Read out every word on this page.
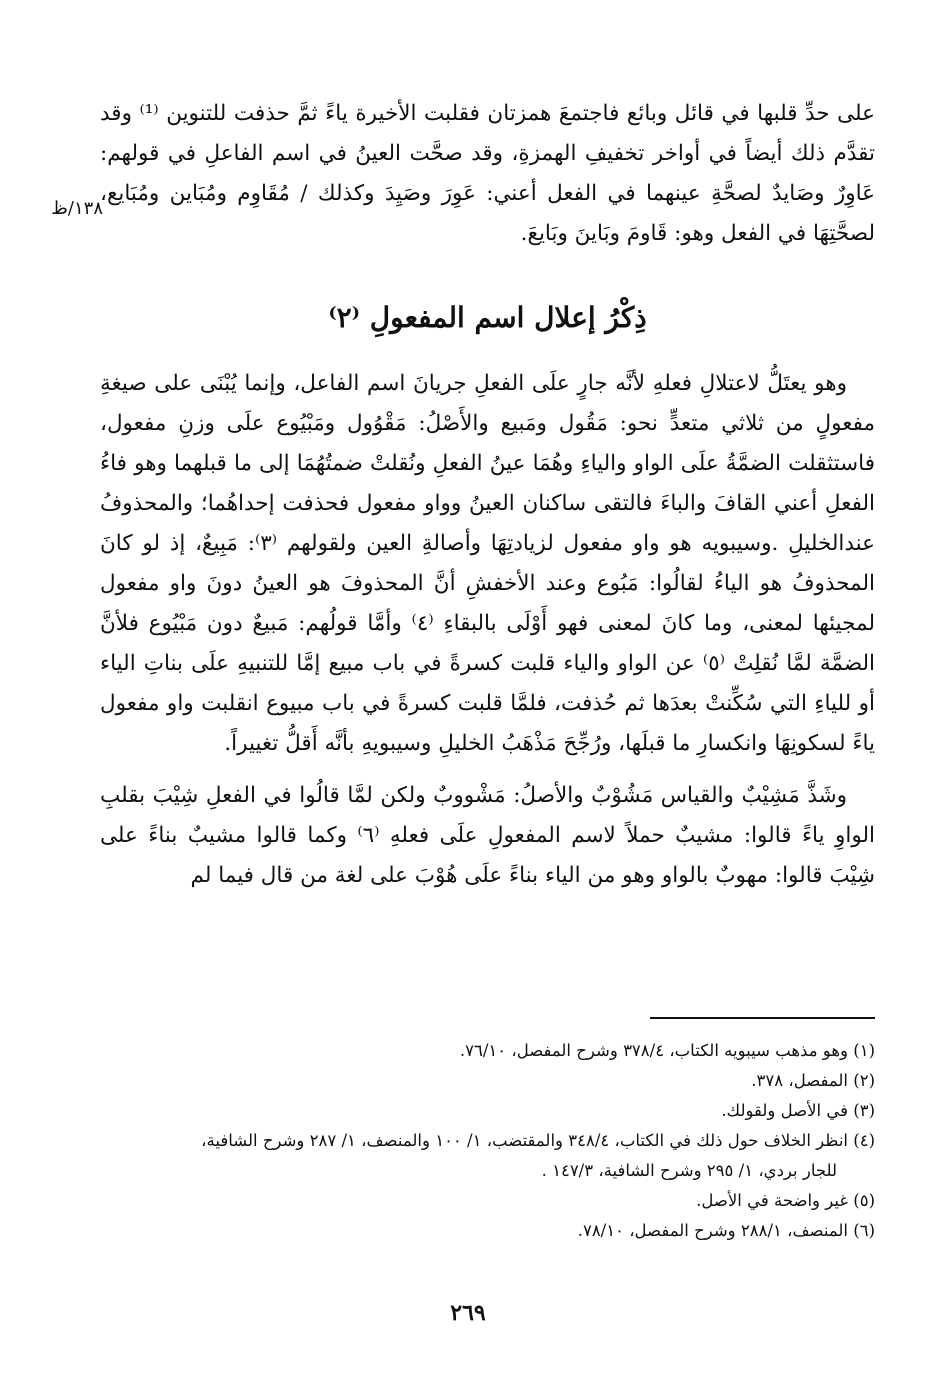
على حدِّ قلبها في قائل وبائع فاجتمعَ همزتان فقلبت الأخيرة ياءً ثمَّ حذفت للتنوين ⁽¹⁾ وقد تقدَّم ذلك أيضاً في أواخر تخفيفِ الهمزةِ، وقد صحَّت العينُ في اسم الفاعلِ في قولهم: عَاوِرٌ وصَايدٌ لصحَّةِ عينهما في الفعل أعني: عَوِرَ وصَيِدَ وكذلك / مُقَاوِم ومُبَاين ومُبَايع، لصحَّتِهَا في الفعل وهو: قَاومَ وبَاينَ وبَايعَ.

١٣٨/ظ
ذِكْرُ إعلال اسم المفعولِ ⁽٢⁾

وهو يعتَلُّ لاعتلالِ فعلهِ لأنَّه جارٍ علَى الفعلِ جريانَ اسم الفاعل، وإنما يُبْنَى على صيغةِ مفعولٍ من ثلاثي متعدٍّ نحو: مَقُول ومَبيع والأَصْلُ: مَقْوُول ومَبْيُوع علَى وزنِ مفعول، فاستثقلت الضمَّةُ علَى الواو والياءِ وهُمَا عينُ الفعلِ ونُقلتْ ضمتُهُمَا إلى ما قبلهما وهو فاءُ الفعلِ أعني القافَ والباءَ فالتقى ساكنان العينُ وواو مفعول فحذفت إحداهُما؛ والمحذوفُ عندالخليلِ .وسيبويه هو واو مفعول لزيادتِهَا وأصالةِ العين ولقولهم ⁽٣⁾: مَبِيعٌ، إذ لو كانَ المحذوفُ هو الياءُ لقالُوا: مَبُوع وعند الأخفشِ أنَّ المحذوفَ هو العينُ دونَ واو مفعول لمجيئها لمعنى، وما كانَ لمعنى فهو أَوْلَى بالبقاءِ ⁽٤⁾ وأمَّا قولُهم: مَبيعٌ دون مَبْيُوع فلأنَّ الضمَّة لمَّا نُقلِتْ ⁽٥⁾ عن الواو والياء قلبت كسرةً في باب مبيع إمَّا للتنبيهِ علَى بناتِ الياء أو للياءِ التي سُكِّنتْ بعدَها ثم حُذفت، فلمَّا قلبت كسرةً في باب مبيوع انقلبت واو مفعول ياءً لسكونِهَا وانكسارِ ما قبلَها، ورُجِّحَ مَذْهَبُ الخليلِ وسيبويهِ بأنَّه أَقلُّ تغييراً.

وشَذَّ مَشِيْبٌ والقياس مَشُوْبٌ والأصلُ: مَشْووبٌ ولكن لمَّا قالُوا في الفعلِ شِيْبَ بقلبِ الواوِ ياءً قالوا: مشيبٌ حملاً لاسم المفعولِ علَى فعلهِ ⁽٦⁾ وكما قالوا مشيبٌ بناءً على شِيْبَ قالوا: مهوبٌ بالواو وهو من الياء بناءً علَى هُوْبَ على لغة من قال فيما لم

(١) وهو مذهب سيبويه الكتاب، ٣٧٨/٤ وشرح المفصل، ٧٦/١٠.
(٢) المفصل، ٣٧٨.
(٣) في الأصل ولقولك.
(٤) انظر الخلاف حول ذلك في الكتاب، ٣٤٨/٤ والمقتضب، ١/ ١٠٠ والمنصف، ١/ ٢٨٧ وشرح الشافية،
للجار بردي، ١/ ٢٩٥ وشرح الشافية، ١٤٧/٣ .
(٥) غير واضحة في الأصل.
(٦) المنصف، ٢٨٨/١ وشرح المفصل، ٧٨/١٠.
٢٦٩
